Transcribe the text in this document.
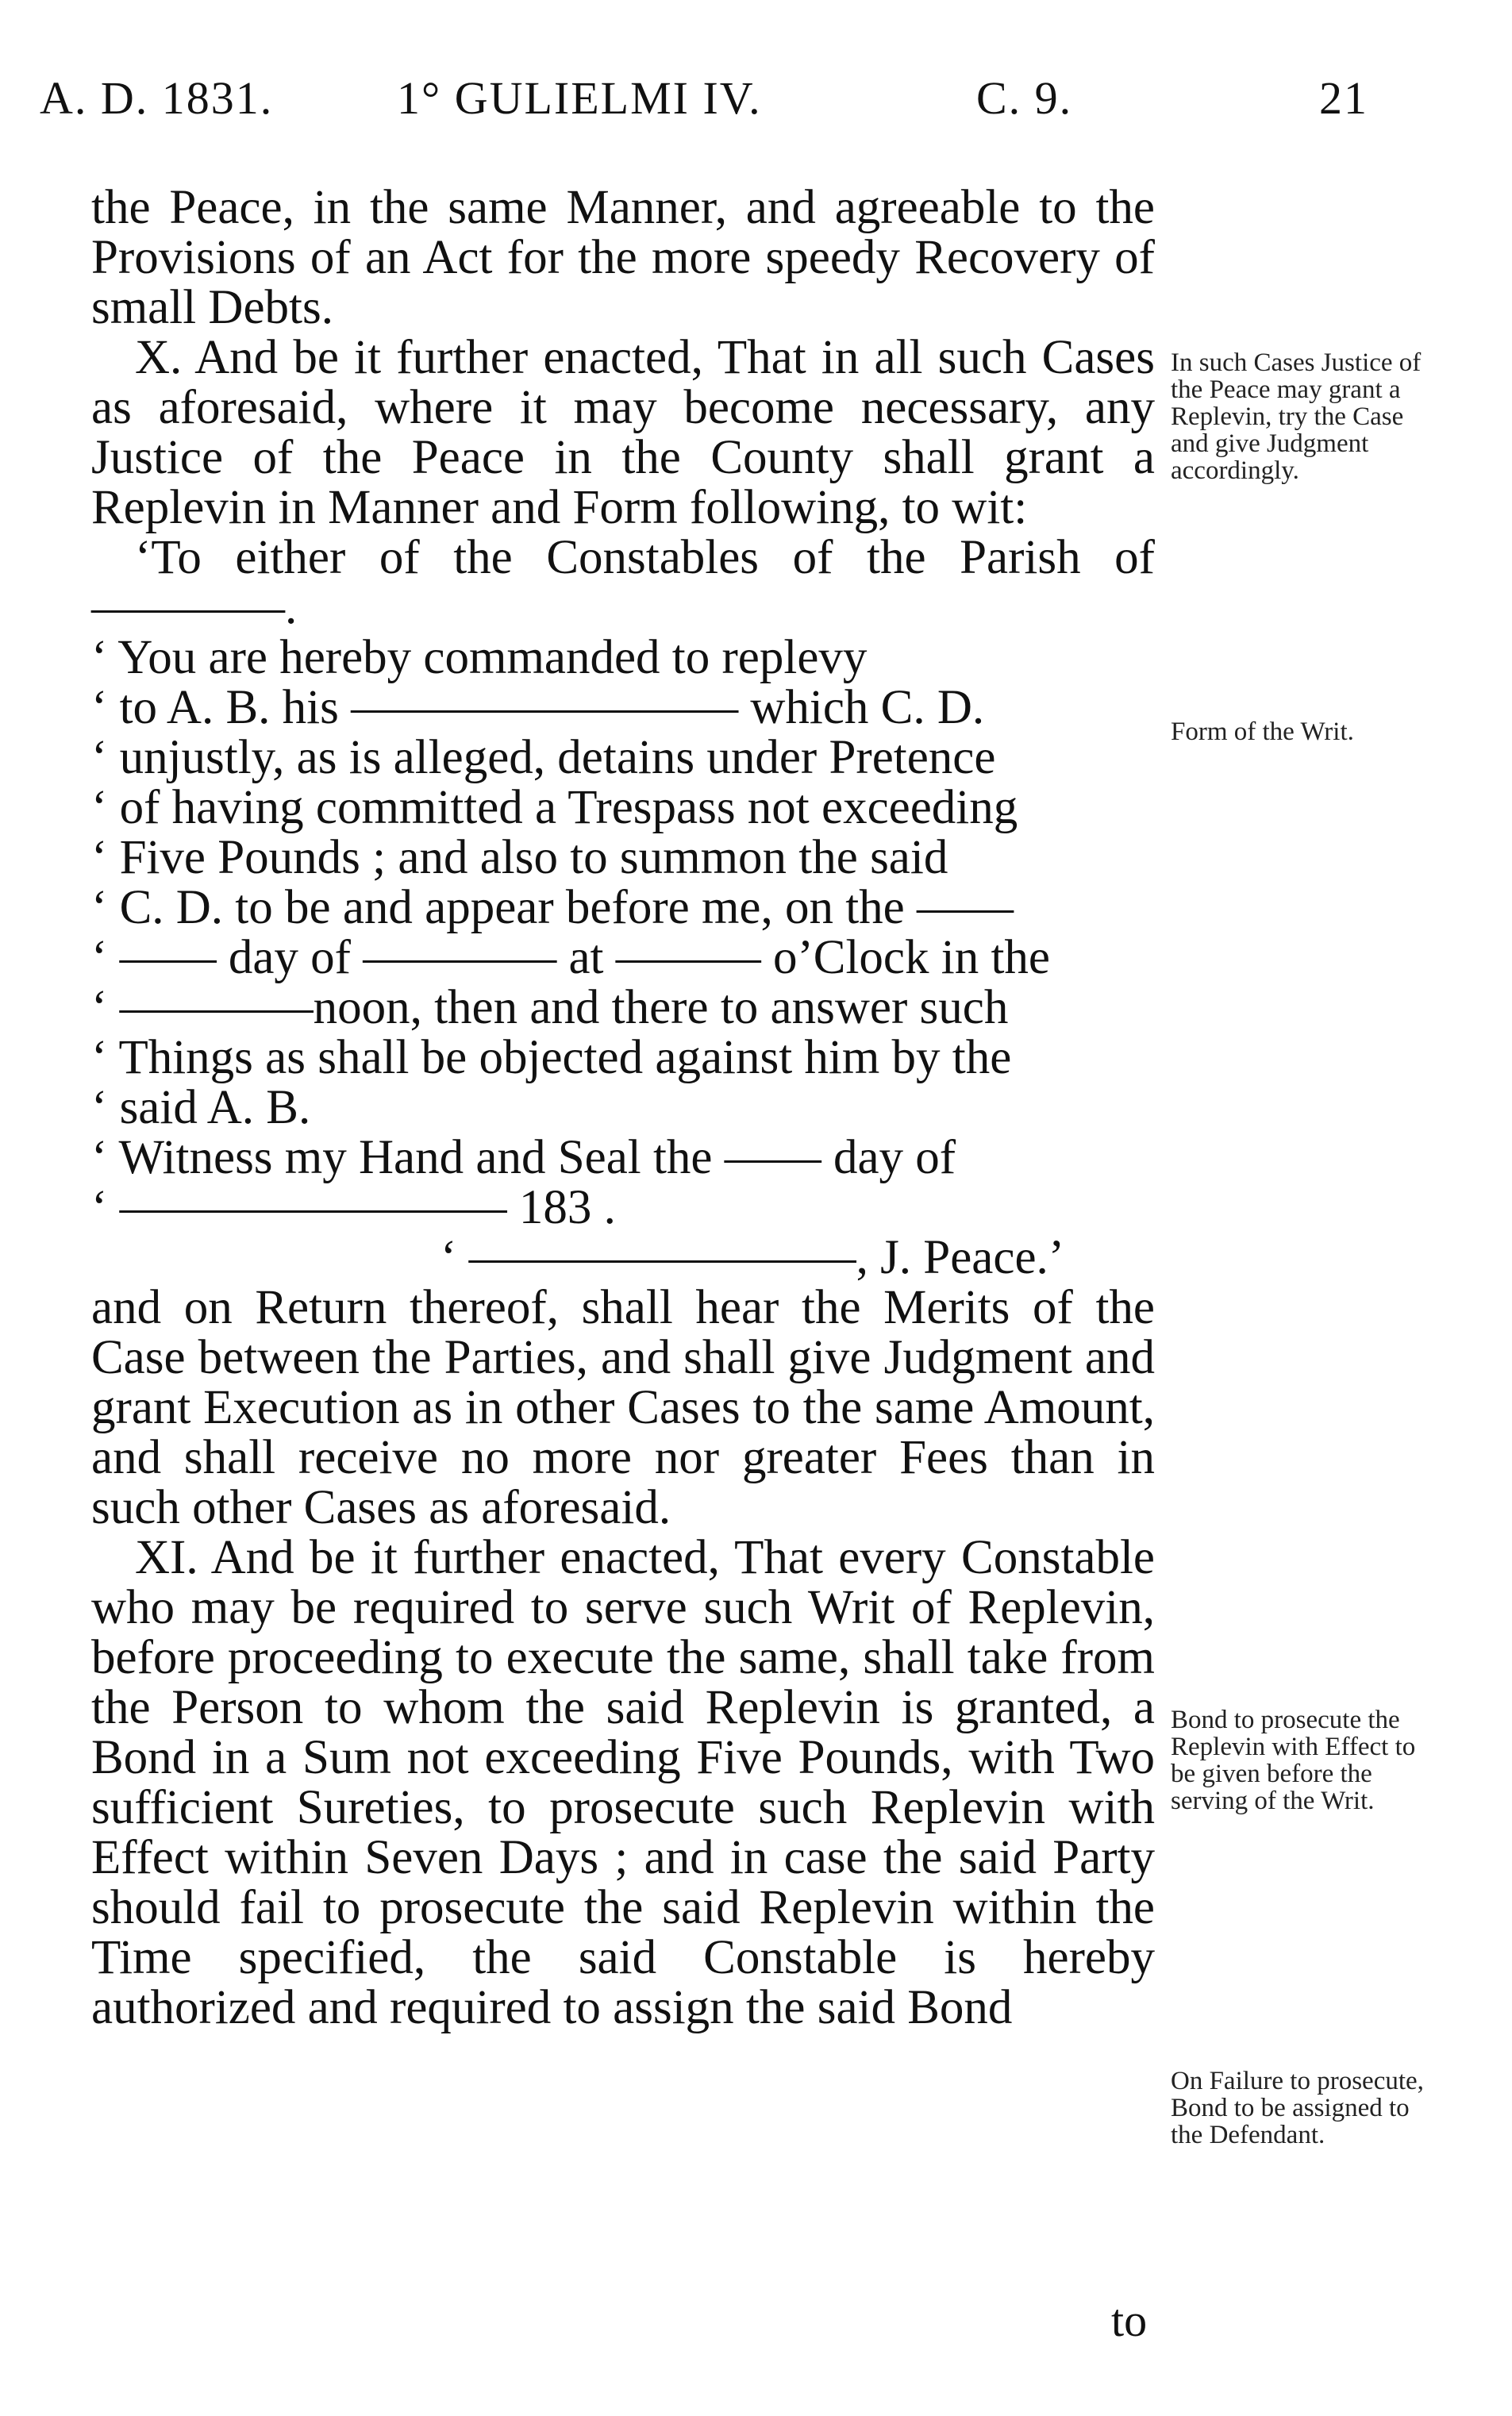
A. D. 1831.	1° GULIELMI IV.	C. 9.	21

the Peace, in the same Manner, and agreeable to the Provisions of an Act for the more speedy Recovery of small Debts.

X. And be it further enacted, That in all such Cases as aforesaid, where it may become necessary, any Justice of the Peace in the County shall grant a Replevin in Manner and Form following, to wit:

‘To either of the Constables of the Parish of ————.

‘ You are hereby commanded to replevy
‘ to A. B. his ———————— which C. D.
‘ unjustly, as is alleged, detains under Pretence
‘ of having committed a Trespass not exceeding
‘ Five Pounds ; and also to summon the said
‘ C. D. to be and appear before me, on the ——
‘ —— day of ———— at ——— o’Clock in the
‘ ————noon, then and there to answer such
‘ Things as shall be objected against him by the
‘ said A. B.
‘ Witness my Hand and Seal the —— day of
‘ ———————— 183 .
‘ ————————, J. Peace.’

and on Return thereof, shall hear the Merits of the Case between the Parties, and shall give Judgment and grant Execution as in other Cases to the same Amount, and shall receive no more nor greater Fees than in such other Cases as aforesaid.

XI. And be it further enacted, That every Constable who may be required to serve such Writ of Replevin, before proceeding to execute the same, shall take from the Person to whom the said Replevin is granted, a Bond in a Sum not exceeding Five Pounds, with Two sufficient Sureties, to prosecute such Replevin with Effect within Seven Days ; and in case the said Party should fail to prosecute the said Replevin within the Time specified, the said Constable is hereby authorized and required to assign the said Bond

to
In such Cases Justice of the Peace may grant a Replevin, try the Case and give Judgment accordingly.
Form of the Writ.
Bond to prosecute the Replevin with Effect to be given before the serving of the Writ.
On Failure to prosecute, Bond to be assigned to the Defendant.
